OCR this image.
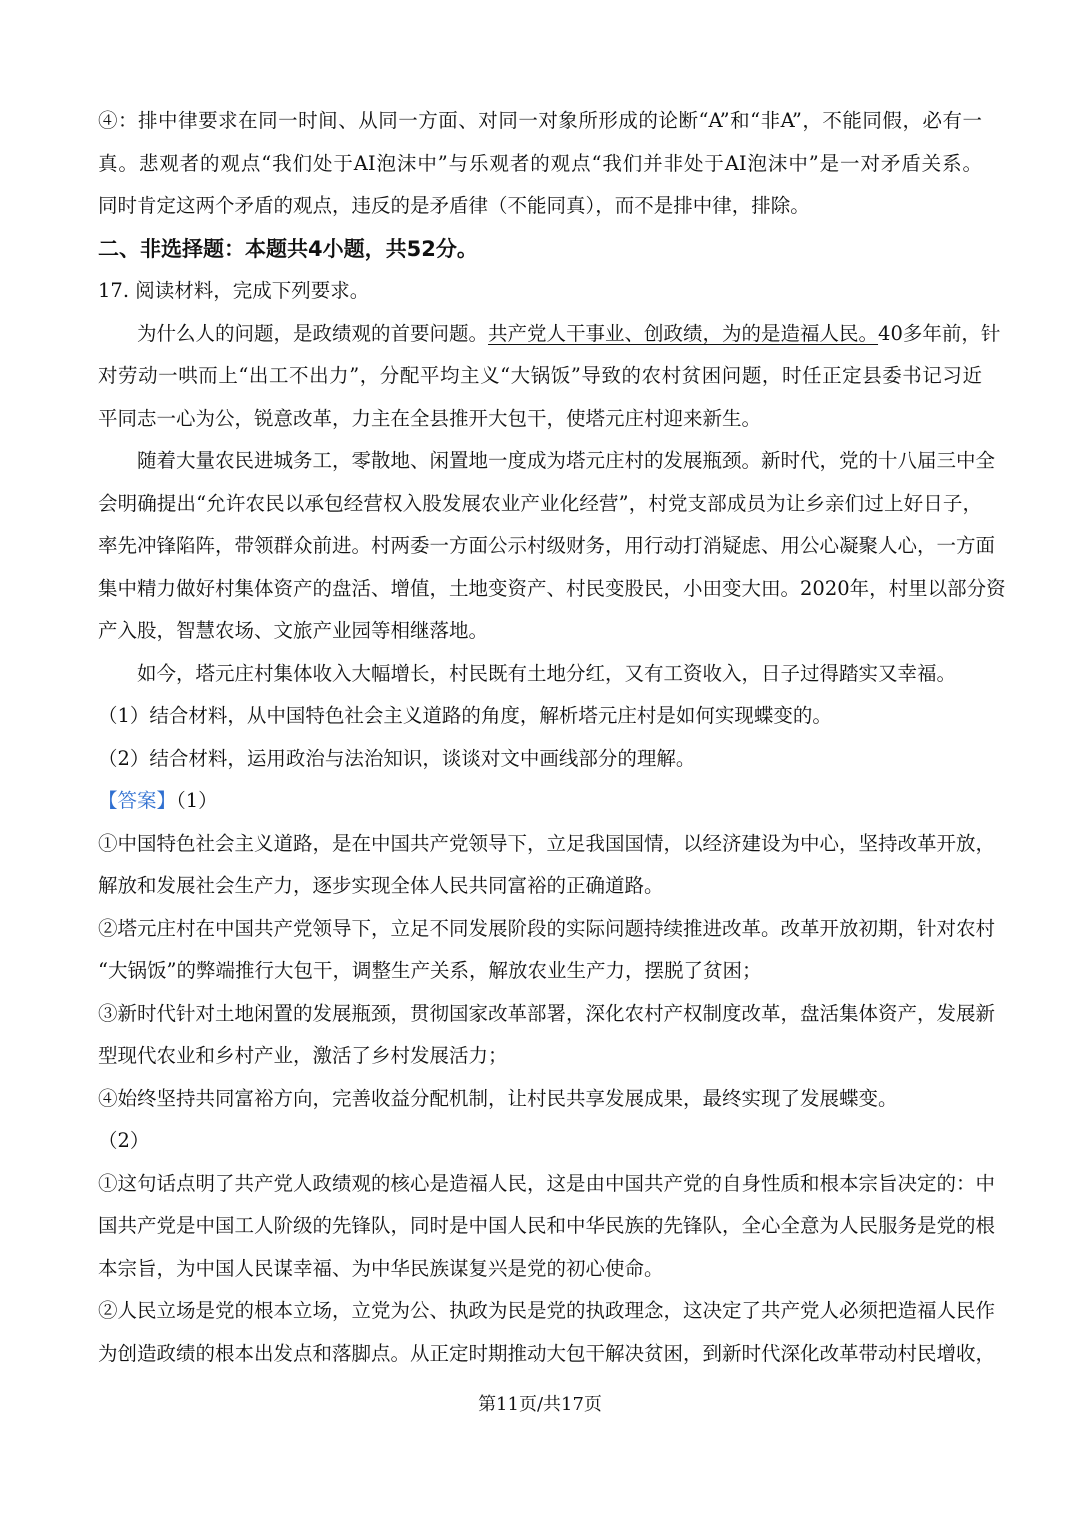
④：排中律要求在同一时间、从同一方面、对同一对象所形成的论断“A”和“非A”，不能同假，必有一
真。悲观者的观点“我们处于AI泡沫中”与乐观者的观点“我们并非处于AI泡沫中”是一对矛盾关系。
同时肯定这两个矛盾的观点，违反的是矛盾律（不能同真），而不是排中律，排除。
二、非选择题：本题共4小题，共52分。
17. 阅读材料，完成下列要求。
为什么人的问题，是政绩观的首要问题。共产党人干事业、创政绩，为的是造福人民。40多年前，针
对劳动一哄而上“出工不出力”，分配平均主义“大锅饭”导致的农村贫困问题，时任正定县委书记习近
平同志一心为公，锐意改革，力主在全县推开大包干，使塔元庄村迎来新生。
随着大量农民进城务工，零散地、闲置地一度成为塔元庄村的发展瓶颈。新时代，党的十八届三中全
会明确提出“允许农民以承包经营权入股发展农业产业化经营”，村党支部成员为让乡亲们过上好日子，
率先冲锋陷阵，带领群众前进。村两委一方面公示村级财务，用行动打消疑虑、用公心凝聚人心，一方面
集中精力做好村集体资产的盘活、增值，土地变资产、村民变股民，小田变大田。2020年，村里以部分资
产入股，智慧农场、文旅产业园等相继落地。
如今，塔元庄村集体收入大幅增长，村民既有土地分红，又有工资收入，日子过得踏实又幸福。
（1）结合材料，从中国特色社会主义道路的角度，解析塔元庄村是如何实现蝶变的。
（2）结合材料，运用政治与法治知识，谈谈对文中画线部分的理解。
【答案】（1）
①中国特色社会主义道路，是在中国共产党领导下，立足我国国情，以经济建设为中心，坚持改革开放，
解放和发展社会生产力，逐步实现全体人民共同富裕的正确道路。
②塔元庄村在中国共产党领导下，立足不同发展阶段的实际问题持续推进改革。改革开放初期，针对农村
“大锅饭”的弊端推行大包干，调整生产关系，解放农业生产力，摆脱了贫困；
③新时代针对土地闲置的发展瓶颈，贯彻国家改革部署，深化农村产权制度改革，盘活集体资产，发展新
型现代农业和乡村产业，激活了乡村发展活力；
④始终坚持共同富裕方向，完善收益分配机制，让村民共享发展成果，最终实现了发展蝶变。
（2）
①这句话点明了共产党人政绩观的核心是造福人民，这是由中国共产党的自身性质和根本宗旨决定的：中
国共产党是中国工人阶级的先锋队，同时是中国人民和中华民族的先锋队，全心全意为人民服务是党的根
本宗旨，为中国人民谋幸福、为中华民族谋复兴是党的初心使命。
②人民立场是党的根本立场，立党为公、执政为民是党的执政理念，这决定了共产党人必须把造福人民作
为创造政绩的根本出发点和落脚点。从正定时期推动大包干解决贫困，到新时代深化改革带动村民增收，
第11页/共17页
